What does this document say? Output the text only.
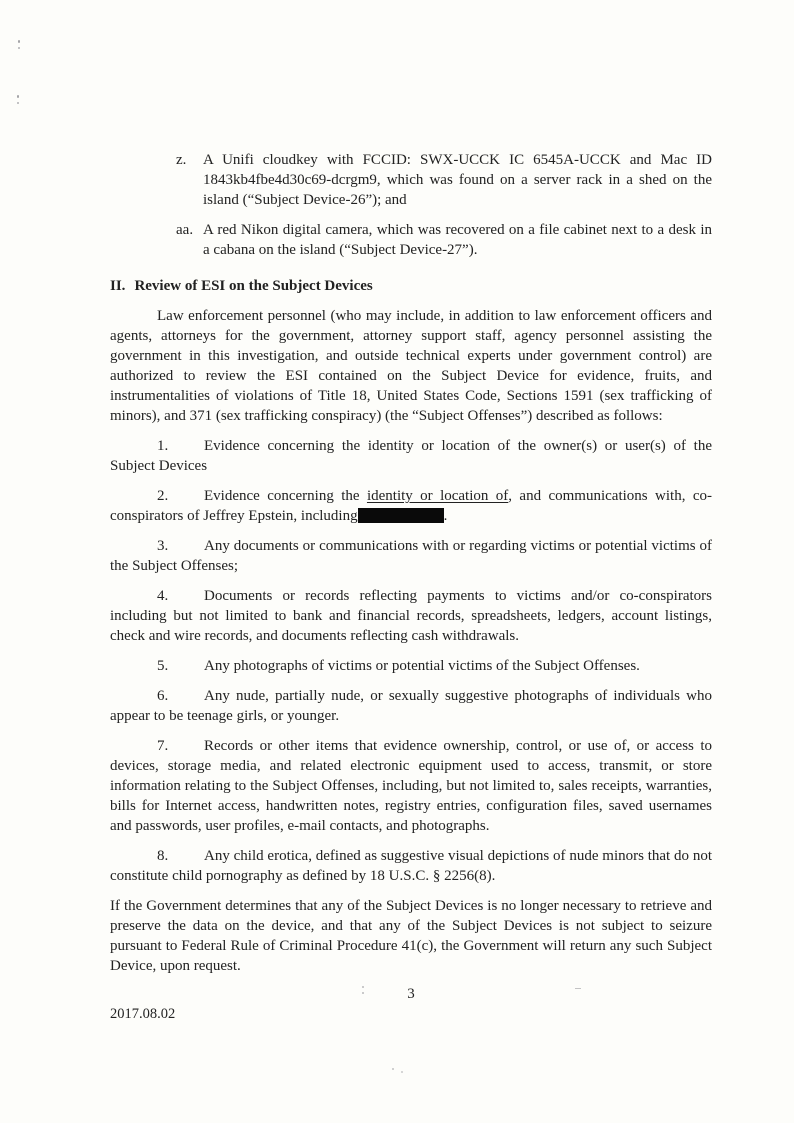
z.	A Unifi cloudkey with FCCID: SWX-UCCK IC 6545A-UCCK and Mac ID 1843kb4fbe4d30c69-dcrgm9, which was found on a server rack in a shed on the island (“Subject Device-26”); and
aa. A red Nikon digital camera, which was recovered on a file cabinet next to a desk in a cabana on the island (“Subject Device-27”).

II. Review of ESI on the Subject Devices

Law enforcement personnel (who may include, in addition to law enforcement officers and agents, attorneys for the government, attorney support staff, agency personnel assisting the government in this investigation, and outside technical experts under government control) are authorized to review the ESI contained on the Subject Device for evidence, fruits, and instrumentalities of violations of Title 18, United States Code, Sections 1591 (sex trafficking of minors), and 371 (sex trafficking conspiracy) (the “Subject Offenses”) described as follows:

1. Evidence concerning the identity or location of the owner(s) or user(s) of the Subject Devices

2. Evidence concerning the identity or location of, and communications with, co-conspirators of Jeffrey Epstein, including	.

3. Any documents or communications with or regarding victims or potential victims of the Subject Offenses;

4. Documents or records reflecting payments to victims and/or co-conspirators including but not limited to bank and financial records, spreadsheets, ledgers, account listings, check and wire records, and documents reflecting cash withdrawals.

5. Any photographs of victims or potential victims of the Subject Offenses.

6. Any nude, partially nude, or sexually suggestive photographs of individuals who appear to be teenage girls, or younger.

7. Records or other items that evidence ownership, control, or use of, or access to devices, storage media, and related electronic equipment used to access, transmit, or store information relating to the Subject Offenses, including, but not limited to, sales receipts, warranties, bills for Internet access, handwritten notes, registry entries, configuration files, saved usernames and passwords, user profiles, e-mail contacts, and photographs.

8. Any child erotica, defined as suggestive visual depictions of nude minors that do not constitute child pornography as defined by 18 U.S.C. § 2256(8).

If the Government determines that any of the Subject Devices is no longer necessary to retrieve and preserve the data on the device, and that any of the Subject Devices is not subject to seizure pursuant to Federal Rule of Criminal Procedure 41(c), the Government will return any such Subject Device, upon request.

3

2017.08.02
